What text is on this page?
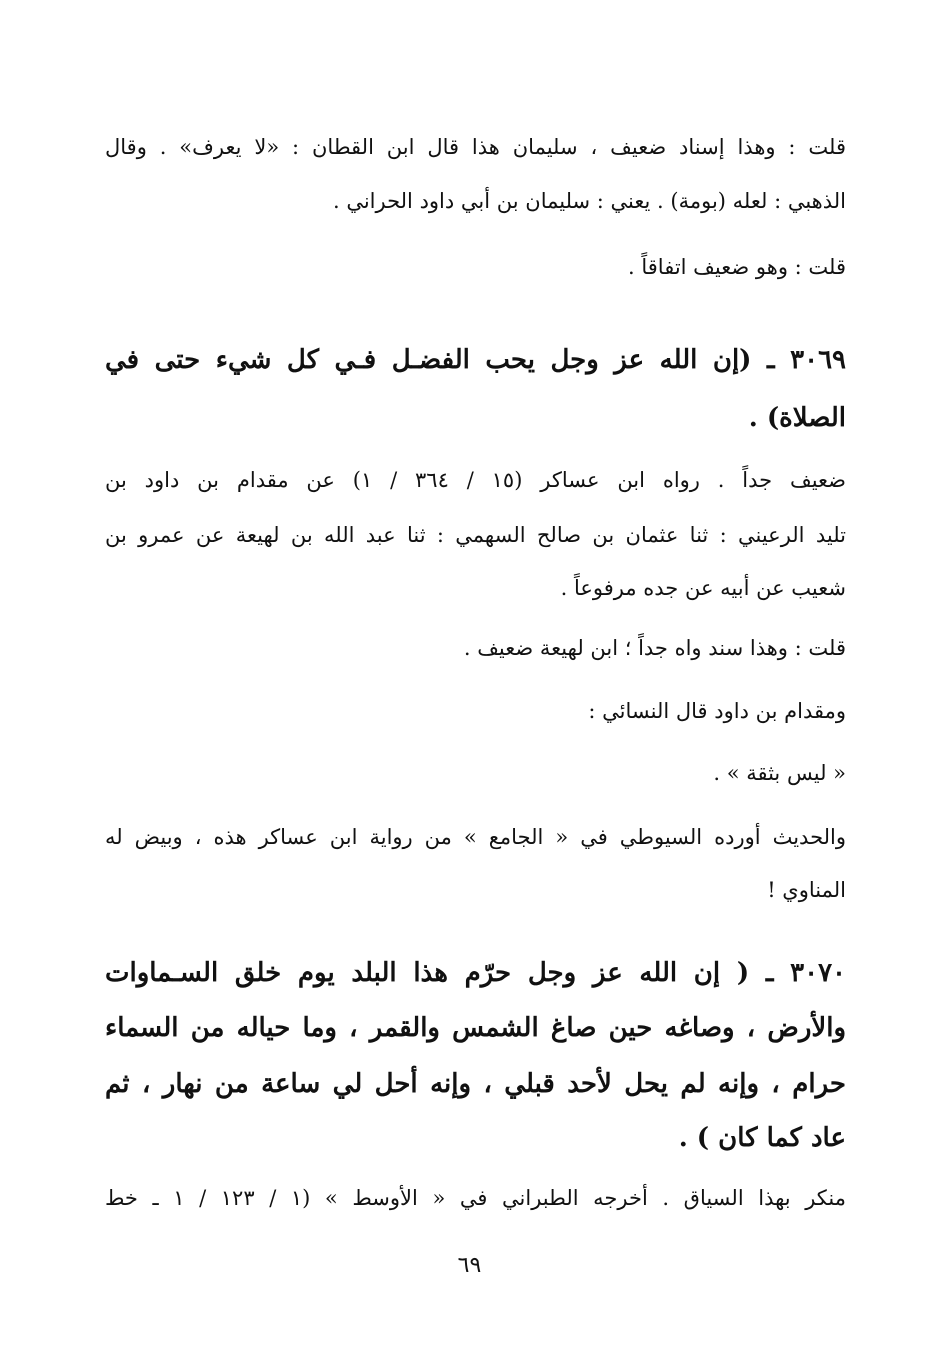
قلت : وهذا إسناد ضعيف ، سليمان هذا قال ابن القطان : «لا يعرف» . وقال
الذهبي : لعله (بومة) . يعني : سليمان بن أبي داود الحراني .
قلت : وهو ضعيف اتفاقاً .
٣٠٦٩ ـ (إن الله عز وجل يحب الفضـل فـي كل شيء حتى في
الصلاة) .
ضعيف جداً . رواه ابن عساكر (١٥ / ٣٦٤ / ١) عن مقدام بن داود بن
تليد الرعيني : ثنا عثمان بن صالح السهمي : ثنا عبد الله بن لهيعة عن عمرو بن
شعيب عن أبيه عن جده مرفوعاً .
قلت : وهذا سند واه جداً ؛ ابن لهيعة ضعيف .
ومقدام بن داود قال النسائي :
« ليس بثقة » .
والحديث أورده السيوطي في « الجامع » من رواية ابن عساكر هذه ، وبيض له
المناوي !
٣٠٧٠ ـ ( إن الله عز وجل حرّم هذا البلد يوم خلق السـماوات
والأرض ، وصاغه حين صاغ الشمس والقمر ، وما حياله من السماء
حرام ، وإنه لم يحل لأحد قبلي ، وإنه أحل لي ساعة من نهار ، ثم
عاد كما كان ) .
منكر بهذا السياق . أخرجه الطبراني في « الأوسط » (١ / ١٢٣ / ١ ـ خط
٦٩
